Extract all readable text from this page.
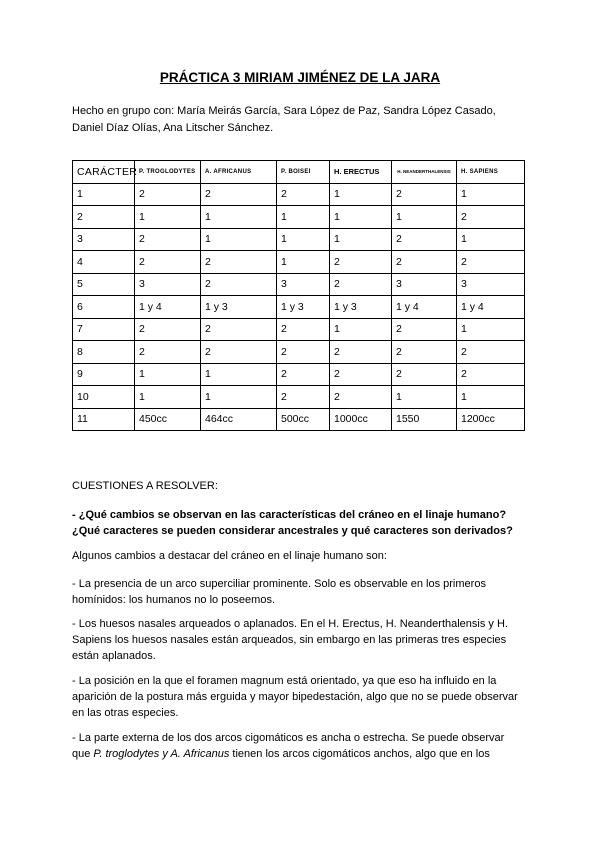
PRÁCTICA 3 MIRIAM JIMÉNEZ DE LA JARA
Hecho en grupo con: María Meirás García, Sara López de Paz, Sandra López Casado,
Daniel Díaz Olías, Ana Litscher Sánchez.
CARÁCTER	P. TROGLODYTES	A. AFRICANUS	P. BOISEI	H. ERECTUS	H. NEANDERTHALENSIS	H. SAPIENS
1	2	2	2	1	2	1
2	1	1	1	1	1	2
3	2	1	1	1	2	1
4	2	2	1	2	2	2
5	3	2	3	2	3	3
6	1 y 4	1 y 3	1 y 3	1 y 3	1 y 4	1 y 4
7	2	2	2	1	2	1
8	2	2	2	2	2	2
9	1	1	2	2	2	2
10	1	1	2	2	1	1
11	450cc	464cc	500cc	1000cc	1550	1200cc
CUESTIONES A RESOLVER:
- ¿Qué cambios se observan en las características del cráneo en el linaje humano?
¿Qué caracteres se pueden considerar ancestrales y qué caracteres son derivados?
Algunos cambios a destacar del cráneo en el linaje humano son:
- La presencia de un arco superciliar prominente. Solo es observable en los primeros
homínidos: los humanos no lo poseemos.
- Los huesos nasales arqueados o aplanados. En el H. Erectus, H. Neanderthalensis y H.
Sapiens los huesos nasales están arqueados, sin embargo en las primeras tres especies
están aplanados.
- La posición en la que el foramen magnum está orientado, ya que eso ha influido en la
aparición de la postura más erguida y mayor bipedestación, algo que no se puede observar
en las otras especies.
- La parte externa de los dos arcos cigomáticos es ancha o estrecha. Se puede observar
que P. troglodytes y A. Africanus tienen los arcos cigomáticos anchos, algo que en los
